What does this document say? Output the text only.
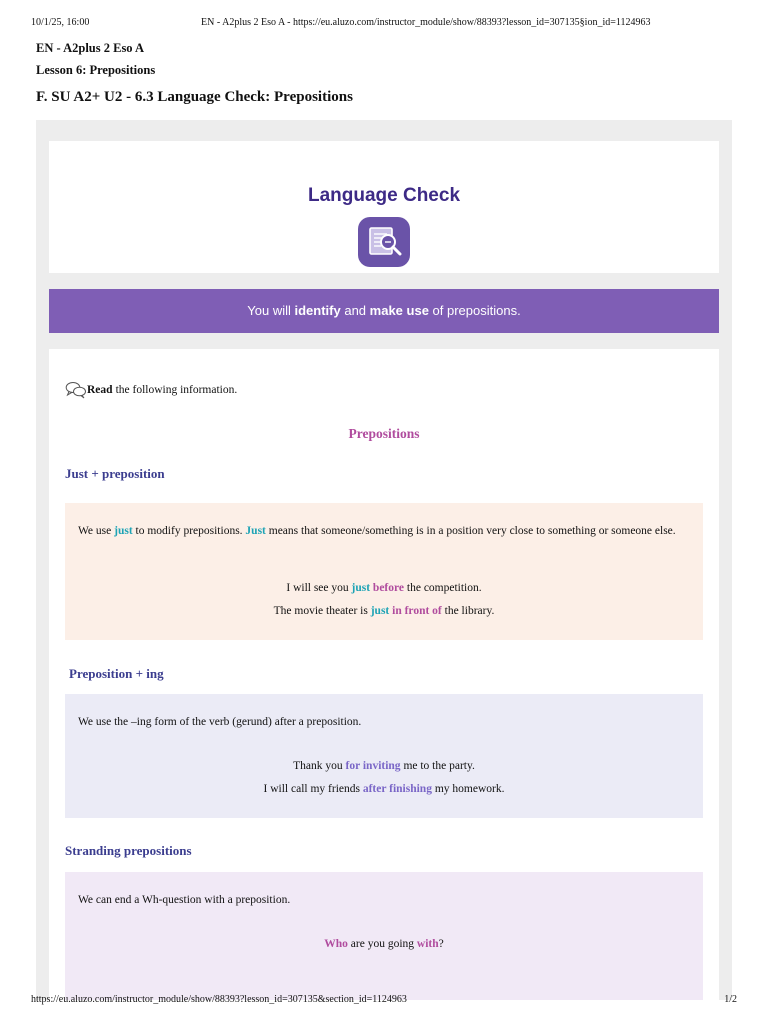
10/1/25, 16:00	EN - A2plus 2 Eso A - https://eu.aluzo.com/instructor_module/show/88393?lesson_id=307135§ion_id=1124963
EN - A2plus 2 Eso A
Lesson 6: Prepositions
F. SU A2+ U2 - 6.3 Language Check: Prepositions
Language Check
You will identify and make use of prepositions.
Read the following information.
Prepositions
Just + preposition

We use just to modify prepositions. Just means that someone/something is in a position very close to something or someone else.

I will see you just before the competition.

The movie theater is just in front of the library.

Preposition + ing

We use the –ing form of the verb (gerund) after a preposition.

Thank you for inviting me to the party.

I will call my friends after finishing my homework.

Stranding prepositions

We can end a Wh-question with a preposition.

Who are you going with?

https://eu.aluzo.com/instructor_module/show/88393?lesson_id=307135&section_id=1124963	1/2
